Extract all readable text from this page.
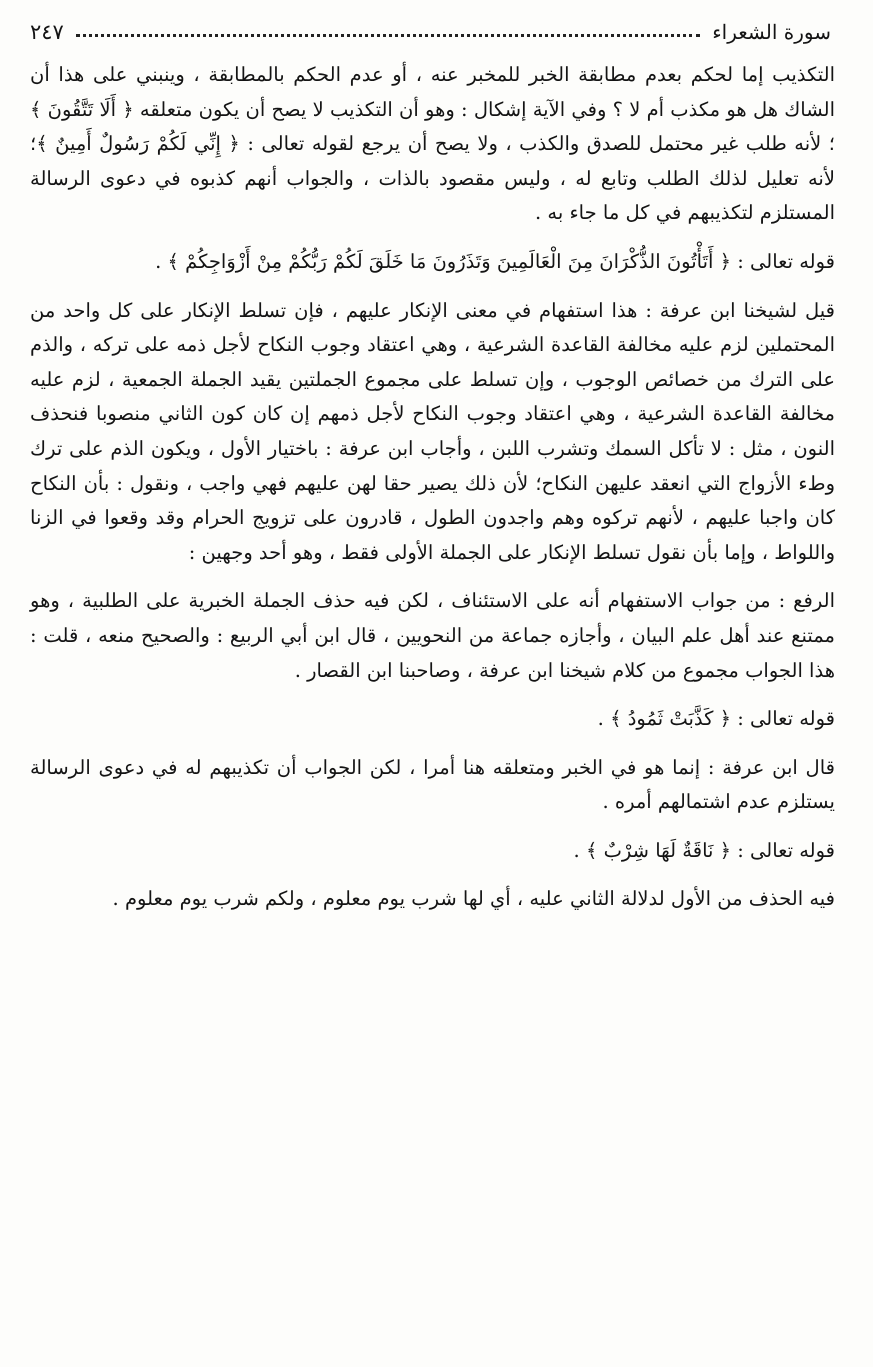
سورة الشعراء
٢٤٧

التكذيب إما لحكم بعدم مطابقة الخبر للمخبر عنه ، أو عدم الحكم بالمطابقة ، وينبني على هذا أن الشاك هل هو مكذب أم لا ؟ وفي الآية إشكال : وهو أن التكذيب لا يصح أن يكون متعلقه ﴿ أَلَا تَتَّقُونَ ﴾ ؛ لأنه طلب غير محتمل للصدق والكذب ، ولا يصح أن يرجع لقوله تعالى : ﴿ إِنِّي لَكُمْ رَسُولٌ أَمِينٌ ﴾؛ لأنه تعليل لذلك الطلب وتابع له ، وليس مقصود بالذات ، والجواب أنهم كذبوه في دعوى الرسالة المستلزم لتكذيبهم في كل ما جاء به .

قوله تعالى : ﴿ أَتَأْتُونَ الذُّكْرَانَ مِنَ الْعَالَمِينَ وَتَذَرُونَ مَا خَلَقَ لَكُمْ رَبُّكُمْ مِنْ أَزْوَاجِكُمْ ﴾ .

قيل لشيخنا ابن عرفة : هذا استفهام في معنى الإنكار عليهم ، فإن تسلط الإنكار على كل واحد من المحتملين لزم عليه مخالفة القاعدة الشرعية ، وهي اعتقاد وجوب النكاح لأجل ذمه على تركه ، والذم على الترك من خصائص الوجوب ، وإن تسلط على مجموع الجملتين يقيد الجملة الجمعية ، لزم عليه مخالفة القاعدة الشرعية ، وهي اعتقاد وجوب النكاح لأجل ذمهم إن كان كون الثاني منصوبا فنحذف النون ، مثل : لا تأكل السمك وتشرب اللبن ، وأجاب ابن عرفة : باختيار الأول ، ويكون الذم على ترك وطء الأزواج التي انعقد عليهن النكاح؛ لأن ذلك يصير حقا لهن عليهم فهي واجب ، ونقول : بأن النكاح كان واجبا عليهم ، لأنهم تركوه وهم واجدون الطول ، قادرون على تزويج الحرام وقد وقعوا في الزنا واللواط ، وإما بأن نقول تسلط الإنكار على الجملة الأولى فقط ، وهو أحد وجهين :

الرفع : من جواب الاستفهام أنه على الاستئناف ، لكن فيه حذف الجملة الخبرية على الطلبية ، وهو ممتنع عند أهل علم البيان ، وأجازه جماعة من النحويين ، قال ابن أبي الربيع : والصحيح منعه ، قلت : هذا الجواب مجموع من كلام شيخنا ابن عرفة ، وصاحبنا ابن القصار .

قوله تعالى : ﴿ كَذَّبَتْ ثَمُودُ ﴾ .

قال ابن عرفة : إنما هو في الخبر ومتعلقه هنا أمرا ، لكن الجواب أن تكذيبهم له في دعوى الرسالة يستلزم عدم اشتمالهم أمره .

قوله تعالى : ﴿ نَاقَةٌ لَهَا شِرْبٌ ﴾ .

فيه الحذف من الأول لدلالة الثاني عليه ، أي لها شرب يوم معلوم ، ولكم شرب يوم معلوم .
